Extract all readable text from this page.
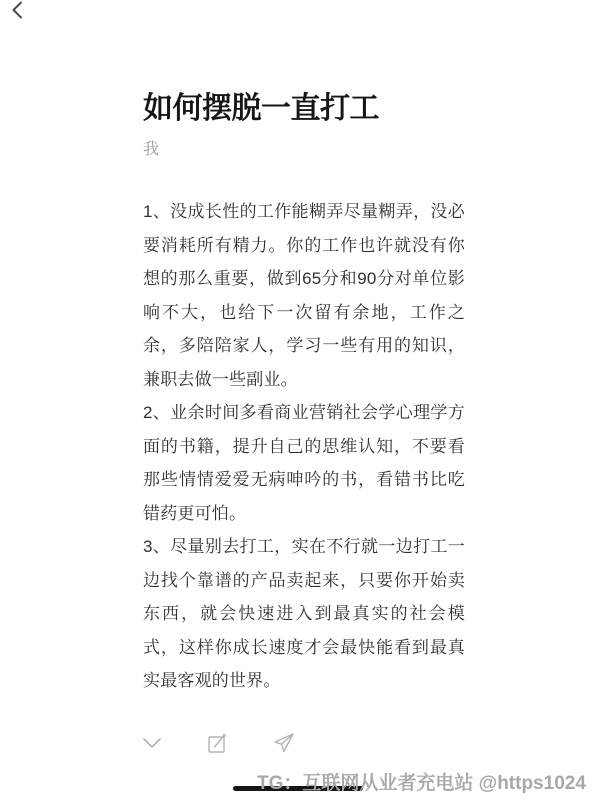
如何摆脱一直打工
我

1、没成长性的工作能糊弄尽量糊弄，没必要消耗所有精力。你的工作也许就没有你想的那么重要，做到65分和90分对单位影响不大，也给下一次留有余地，工作之余，多陪陪家人，学习一些有用的知识，兼职去做一些副业。

2、业余时间多看商业营销社会学心理学方面的书籍，提升自己的思维认知，不要看那些情情爱爱无病呻吟的书，看错书比吃错药更可怕。

3、尽量别去打工，实在不行就一边打工一边找个靠谱的产品卖起来，只要你开始卖东西，就会快速进入到最真实的社会模式，这样你成长速度才会最快能看到最真实最客观的世界。

TG：互联网从业者充电站 @https1024
